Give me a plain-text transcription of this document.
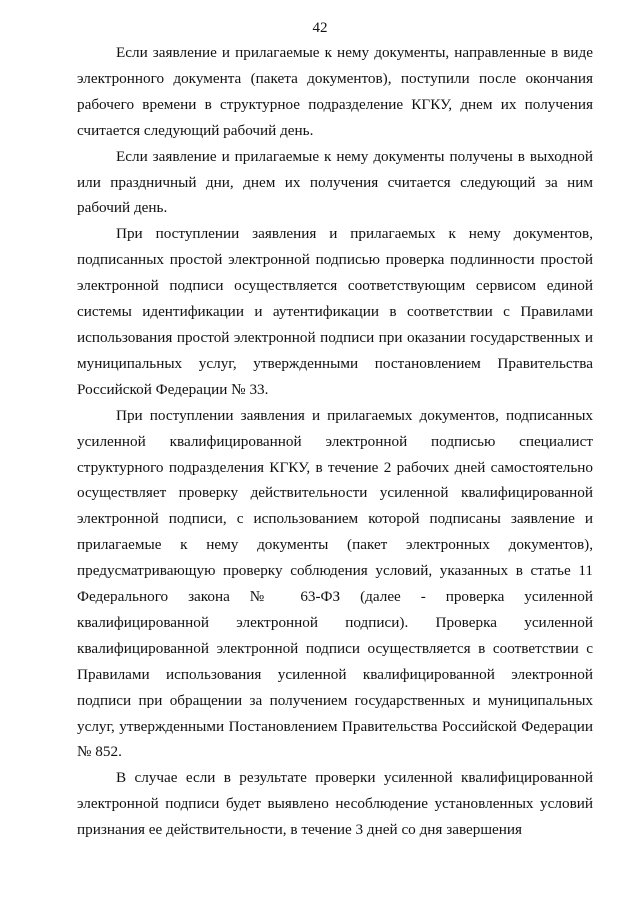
42

Если заявление и прилагаемые к нему документы, направленные в виде электронного документа (пакета документов), поступили после окончания рабочего времени в структурное подразделение КГКУ, днем их получения считается следующий рабочий день.

Если заявление и прилагаемые к нему документы получены в выходной или праздничный дни, днем их получения считается следующий за ним рабочий день.

При поступлении заявления и прилагаемых к нему документов, подписанных простой электронной подписью проверка подлинности простой электронной подписи осуществляется соответствующим сервисом единой системы идентификации и аутентификации в соответствии с Правилами использования простой электронной подписи при оказании государственных и муниципальных услуг, утвержденными постановлением Правительства Российской Федерации № 33.

При поступлении заявления и прилагаемых документов, подписанных усиленной квалифицированной электронной подписью специалист структурного подразделения КГКУ, в течение 2 рабочих дней самостоятельно осуществляет проверку действительности усиленной квалифицированной электронной подписи, с использованием которой подписаны заявление и прилагаемые к нему документы (пакет электронных документов), предусматривающую проверку соблюдения условий, указанных в статье 11 Федерального закона № 63-ФЗ (далее - проверка усиленной квалифицированной электронной подписи). Проверка усиленной квалифицированной электронной подписи осуществляется в соответствии с Правилами использования усиленной квалифицированной электронной подписи при обращении за получением государственных и муниципальных услуг, утвержденными Постановлением Правительства Российской Федерации № 852.

В случае если в результате проверки усиленной квалифицированной электронной подписи будет выявлено несоблюдение установленных условий признания ее действительности, в течение 3 дней со дня завершения
